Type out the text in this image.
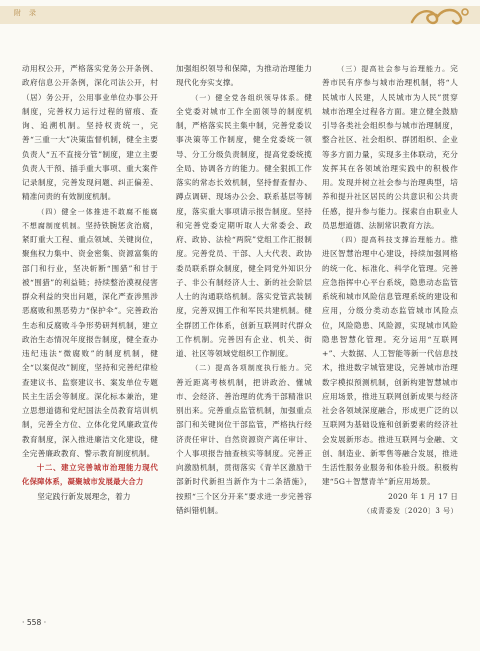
附 录

动用权公开，严格落实党务公开条例、政府信息公开条例，深化司法公开，村（居）务公开，公用事业单位办事公开制度，完善权力运行过程的留痕、查询、追溯机制。坚持权责统一，完善“三重一大”决策监督机制，健全主要负责人“五不直接分管”制度，建立主要负责人干预、插手重大事项、重大案件记录制度，完善发现问题、纠正偏差、精准问责的有效制度机制。

（四）健全一体推进不敢腐不能腐不想腐制度机制。坚持铁腕惩贪治腐，紧盯重大工程、重点领域、关键岗位，聚焦权力集中、资金密集、资源富集的部门和行业，坚决斩断“围猎”和甘于被“围猎”的利益链；持续整治漠视侵害群众利益的突出问题，深化严查涉黑涉恶腐败和黑恶势力“保护伞”。完善政治生态和反腐败斗争形势研判机制，建立政治生态情况年度报告制度，健全查办违纪违法“微腐败”的制度机制，健全“以案促改”制度，坚持和完善纪律检查建议书、监察建议书、案发单位专题民主生活会等制度。深化标本兼治，建立思想道德和党纪国法全员教育培训机制，完善全方位、立体化党风廉政宣传教育制度，深入推进廉洁文化建设，健全完善廉政教育、警示教育制度机制。

十二、建立完善城市治理能力现代化保障体系，凝聚城市发展最大合力

坚定践行新发展理念，着力

加强组织领导和保障，为推动治理能力现代化夯实支撑。

（一）健全党各组织领导体系。健全党委对城市工作全面领导的制度机制，严格落实民主集中制，完善党委议事决策等工作制度，健全党委统一领导、分工分级负责制度，提高党委统揽全局、协调各方的能力。健全狠抓工作落实的常态长效机制，坚持督查督办、蹲点调研、现场办公会、联系基层等制度，落实重大事项请示报告制度。坚持和完善党委定期听取人大常委会、政府、政协、法检“两院”党组工作汇报制度。完善党员、干部、人大代表、政协委员联系群众制度，健全同党外知识分子、非公有制经济人士、新的社会阶层人士的沟通联络机制。落实党管武装制度，完善双拥工作和军民共建机制。健全群团工作体系，创新互联网时代群众工作机制。完善因有企业、机关、街道、社区等领域党组织工作制度。

（二）提高各项制度执行能力。完善近距离考核机制，把讲政治、懂城市、会经济、善治理的优秀干部精准识别出来。完善重点监管机制，加强重点部门和关键岗位干部监管，严格执行经济责任审计、自然资源资产离任审计、个人事项报告抽查核实等制度。完善正向激励机制，贯彻落实《青羊区激励干部新时代新担当新作为十二条措施》，按照“三个区分开来”要求进一步完善容错纠错机制。

（三）提高社会参与治理能力。完善市民有序参与城市治理机制，将“人民城市人民建，人民城市为人民”贯穿城市治理全过程各方面。建立健全鼓励引导各类社会组织参与城市治理制度，整合社区、社会组织、群团组织、企业等多方面力量，实现多主体联动，充分发挥其在各领域治理实践中的积极作用。发现并树立社会参与治理典型，培养和提升社区居民的公共意识和公共责任感，提升参与能力。探索自由职业人员思想道德、法制常识教育方法。

（四）提高科技支撑治理能力。推进区智慧治理中心建设，持续加强网格的统一化、标准化、科学化管理。完善应急指挥中心平台系统，隐患动态监管系统和城市风险信息管理系统的建设和应用，分级分类动态监管城市风险点位，风险隐患、风险源，实现城市风险隐患智慧化管理。充分运用“互联网+”、大数据、人工智能等新一代信息技术，推进数字城管建设，完善城市治理数字模拟预测机制，创新构建智慧城市应用场景，推进互联网创新成果与经济社会各领域深度融合，形成更广泛的以互联网为基础设施和创新要素的经济社会发展新形态。推进互联网与金融、文创、制造业、新零售等融合发展，推进生活性服务业服务和体验升级。积极构建“5G＋智慧青羊”新应用场景。

2020 年 1 月 17 日

（成青委发〔2020〕3 号）

· 558 ·
